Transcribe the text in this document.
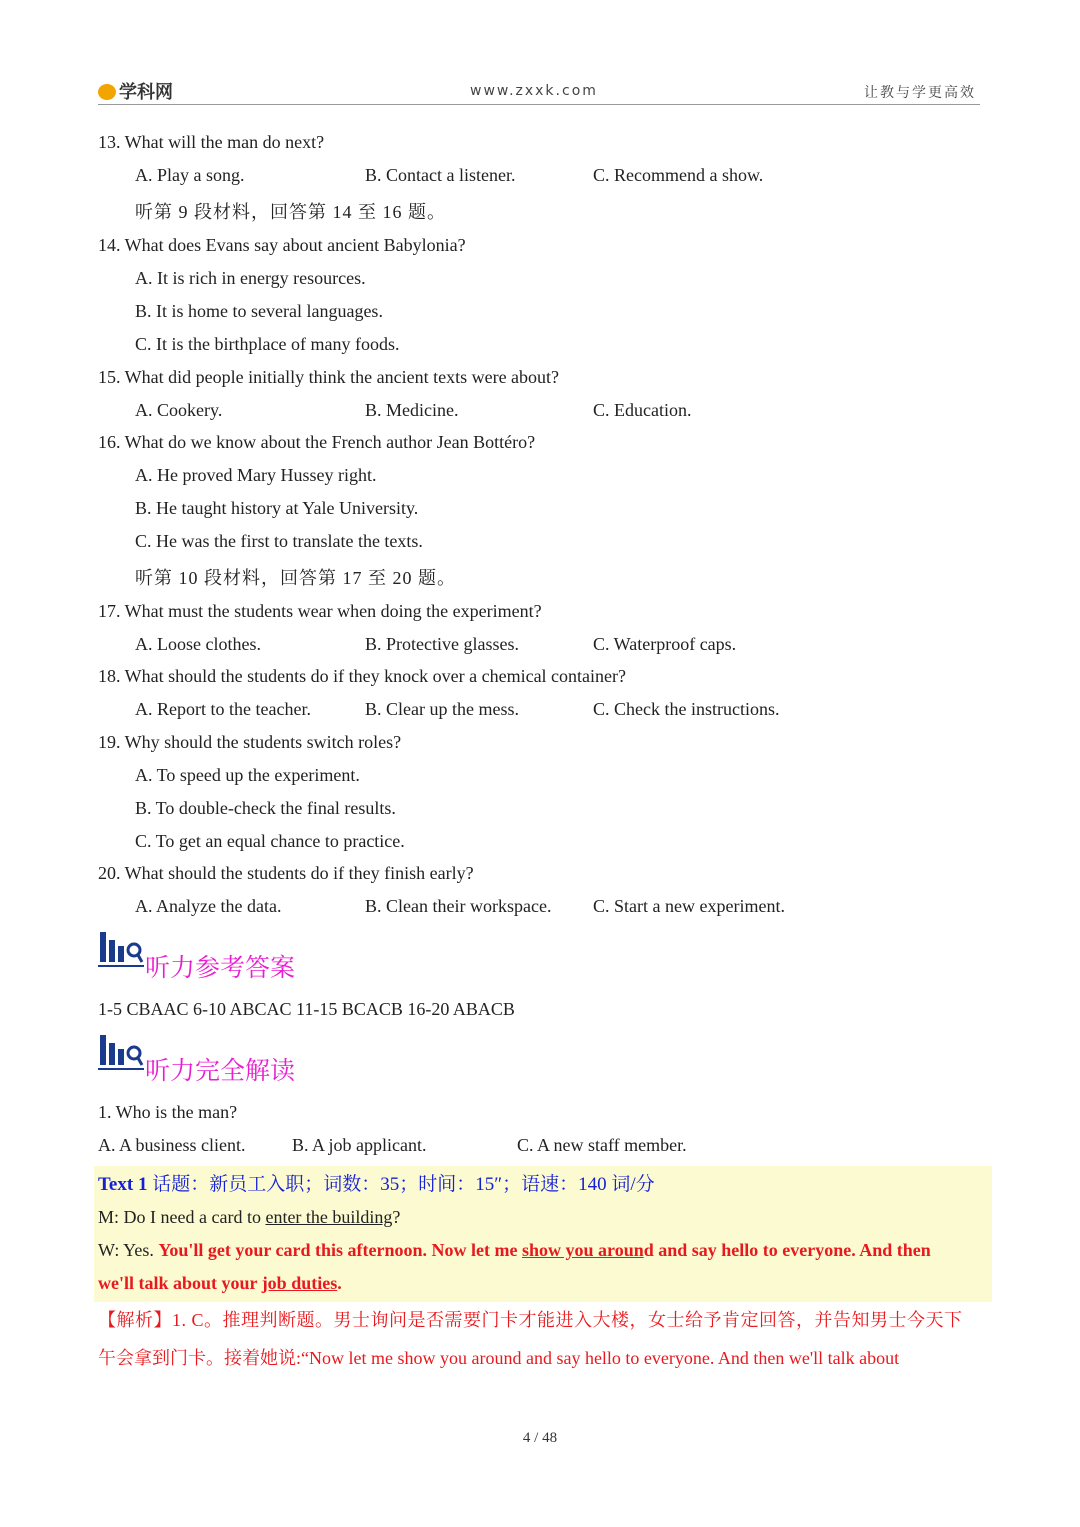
学科网	www.zxxk.com	让教与学更高效
13. What will the man do next?
A. Play a song.	B. Contact a listener.	C. Recommend a show.
听第 9 段材料，回答第 14 至 16 题。
14. What does Evans say about ancient Babylonia?
A. It is rich in energy resources.
B. It is home to several languages.
C. It is the birthplace of many foods.
15. What did people initially think the ancient texts were about?
A. Cookery.	B. Medicine.	C. Education.
16. What do we know about the French author Jean Bottéro?
A. He proved Mary Hussey right.
B. He taught history at Yale University.
C. He was the first to translate the texts.
听第 10 段材料，回答第 17 至 20 题。
17. What must the students wear when doing the experiment?
A. Loose clothes.	B. Protective glasses.	C. Waterproof caps.
18. What should the students do if they knock over a chemical container?
A. Report to the teacher.	B. Clear up the mess.	C. Check the instructions.
19. Why should the students switch roles?
A. To speed up the experiment.
B. To double-check the final results.
C. To get an equal chance to practice.
20. What should the students do if they finish early?
A. Analyze the data.	B. Clean their workspace. C. Start a new experiment.
听力参考答案
1-5 CBAAC 6-10 ABCAC 11-15 BCACB 16-20 ABACB
听力完全解读
1. Who is the man?
A. A business client.	B. A job applicant.	C. A new staff member.
Text 1 话题：新员工入职；词数：35；时间：15″；语速：140 词/分
M: Do I need a card to enter the building?
W: Yes. You'll get your card this afternoon. Now let me show you around and say hello to everyone. And then
we'll talk about your job duties.
【解析】1. C。推理判断题。男士询问是否需要门卡才能进入大楼，女士给予肯定回答，并告知男士今天下
午会拿到门卡。接着她说:“Now let me show you around and say hello to everyone. And then we'll talk about
4 / 48
